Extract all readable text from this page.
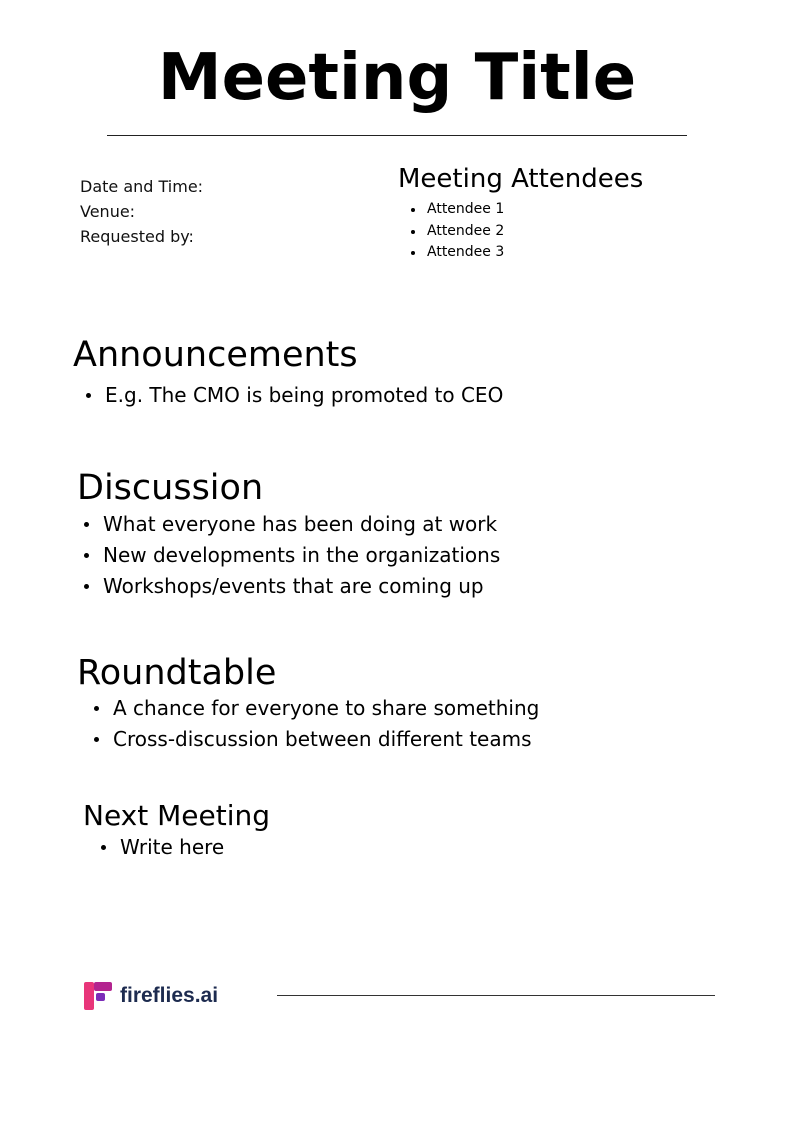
Meeting Title
Date and Time:
Venue:
Requested by:
Meeting Attendees
Attendee 1
Attendee 2
Attendee 3
Announcements
E.g. The CMO is being promoted to CEO
Discussion
What everyone has been doing at work
New developments in the organizations
Workshops/events that are coming up
Roundtable
A chance for everyone to share something
Cross-discussion between different teams
Next Meeting
Write here
fireflies.ai
